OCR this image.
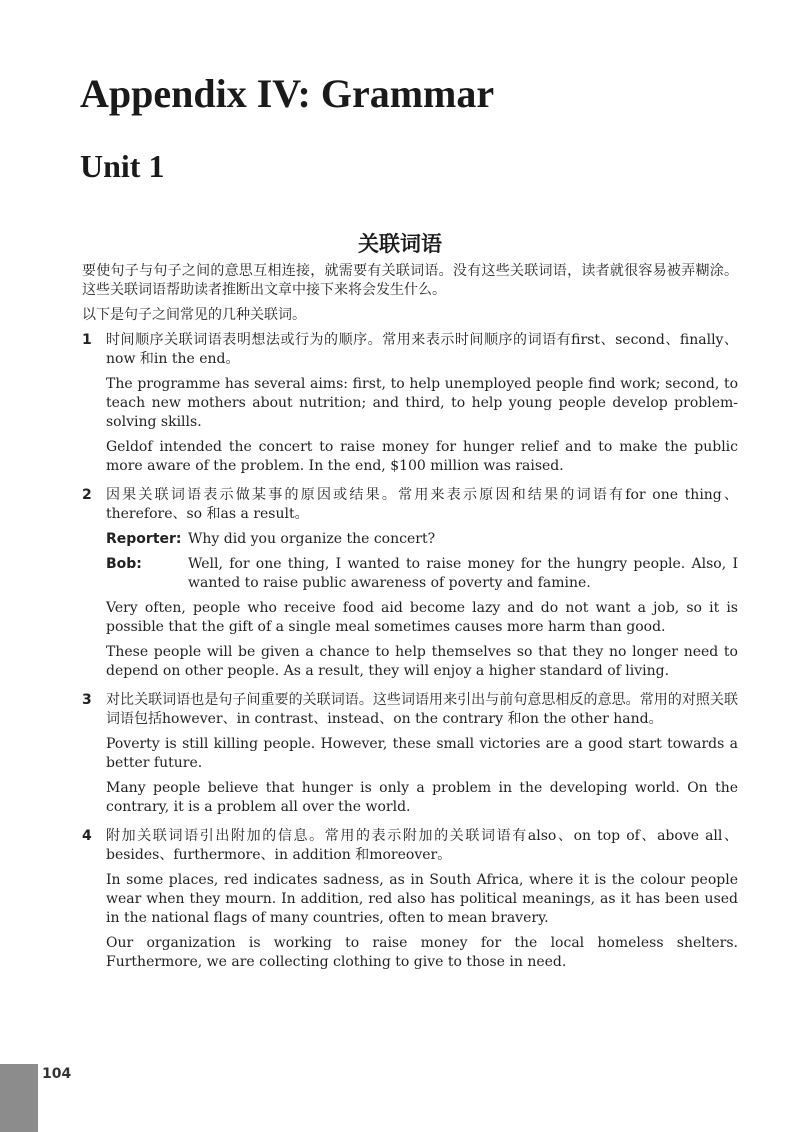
Appendix IV: Grammar
Unit 1
关联词语

要使句子与句子之间的意思互相连接，就需要有关联词语。没有这些关联词语，读者就很容易被弄糊涂。这些关联词语帮助读者推断出文章中接下来将会发生什么。

以下是句子之间常见的几种关联词。

1	时间顺序关联词语表明想法或行为的顺序。常用来表示时间顺序的词语有first、second、finally、now 和in the end。

The programme has several aims: first, to help unemployed people find work; second, to teach new mothers about nutrition; and third, to help young people develop problem-solving skills.

Geldof intended the concert to raise money for hunger relief and to make the public more aware of the problem. In the end, $100 million was raised.

2	因果关联词语表示做某事的原因或结果。常用来表示原因和结果的词语有for one thing、therefore、so 和as a result。

Reporter: Why did you organize the concert?
Bob:	Well, for one thing, I wanted to raise money for the hungry people. Also, I wanted to raise public awareness of poverty and famine.

Very often, people who receive food aid become lazy and do not want a job, so it is possible that the gift of a single meal sometimes causes more harm than good.

These people will be given a chance to help themselves so that they no longer need to depend on other people. As a result, they will enjoy a higher standard of living.

3	对比关联词语也是句子间重要的关联词语。这些词语用来引出与前句意思相反的意思。常用的对照关联词语包括however、in contrast、instead、on the contrary 和on the other hand。

Poverty is still killing people. However, these small victories are a good start towards a better future.

Many people believe that hunger is only a problem in the developing world. On the contrary, it is a problem all over the world.

4	附加关联词语引出附加的信息。常用的表示附加的关联词语有also、on top of、above all、besides、furthermore、in addition 和moreover。

In some places, red indicates sadness, as in South Africa, where it is the colour people wear when they mourn. In addition, red also has political meanings, as it has been used in the national flags of many countries, often to mean bravery.

Our organization is working to raise money for the local homeless shelters. Furthermore, we are collecting clothing to give to those in need.

104
